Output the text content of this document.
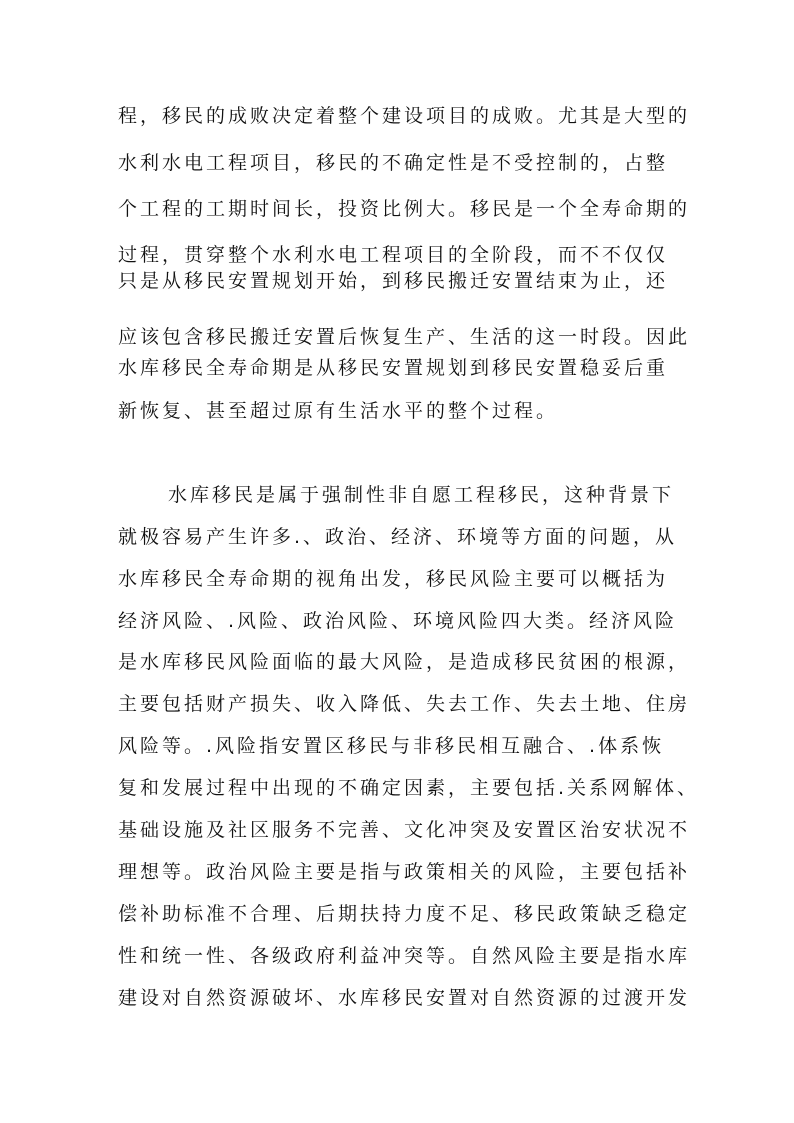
程，移民的成败决定着整个建设项目的成败。尤其是大型的
水利水电工程项目，移民的不确定性是不受控制的，占整
个工程的工期时间长，投资比例大。移民是一个全寿命期的
过程，贯穿整个水利水电工程项目的全阶段，而不不仅仅
只是从移民安置规划开始，到移民搬迁安置结束为止，还
应该包含移民搬迁安置后恢复生产、生活的这一时段。因此
水库移民全寿命期是从移民安置规划到移民安置稳妥后重
新恢复、甚至超过原有生活水平的整个过程。
水库移民是属于强制性非自愿工程移民，这种背景下
就极容易产生许多.、政治、经济、环境等方面的问题，从
水库移民全寿命期的视角出发，移民风险主要可以概括为
经济风险、.风险、政治风险、环境风险四大类。经济风险
是水库移民风险面临的最大风险，是造成移民贫困的根源，
主要包括财产损失、收入降低、失去工作、失去土地、住房
风险等。.风险指安置区移民与非移民相互融合、.体系恢
复和发展过程中出现的不确定因素，主要包括.关系网解体、
基础设施及社区服务不完善、文化冲突及安置区治安状况不
理想等。政治风险主要是指与政策相关的风险，主要包括补
偿补助标准不合理、后期扶持力度不足、移民政策缺乏稳定
性和统一性、各级政府利益冲突等。自然风险主要是指水库
建设对自然资源破坏、水库移民安置对自然资源的过渡开发
